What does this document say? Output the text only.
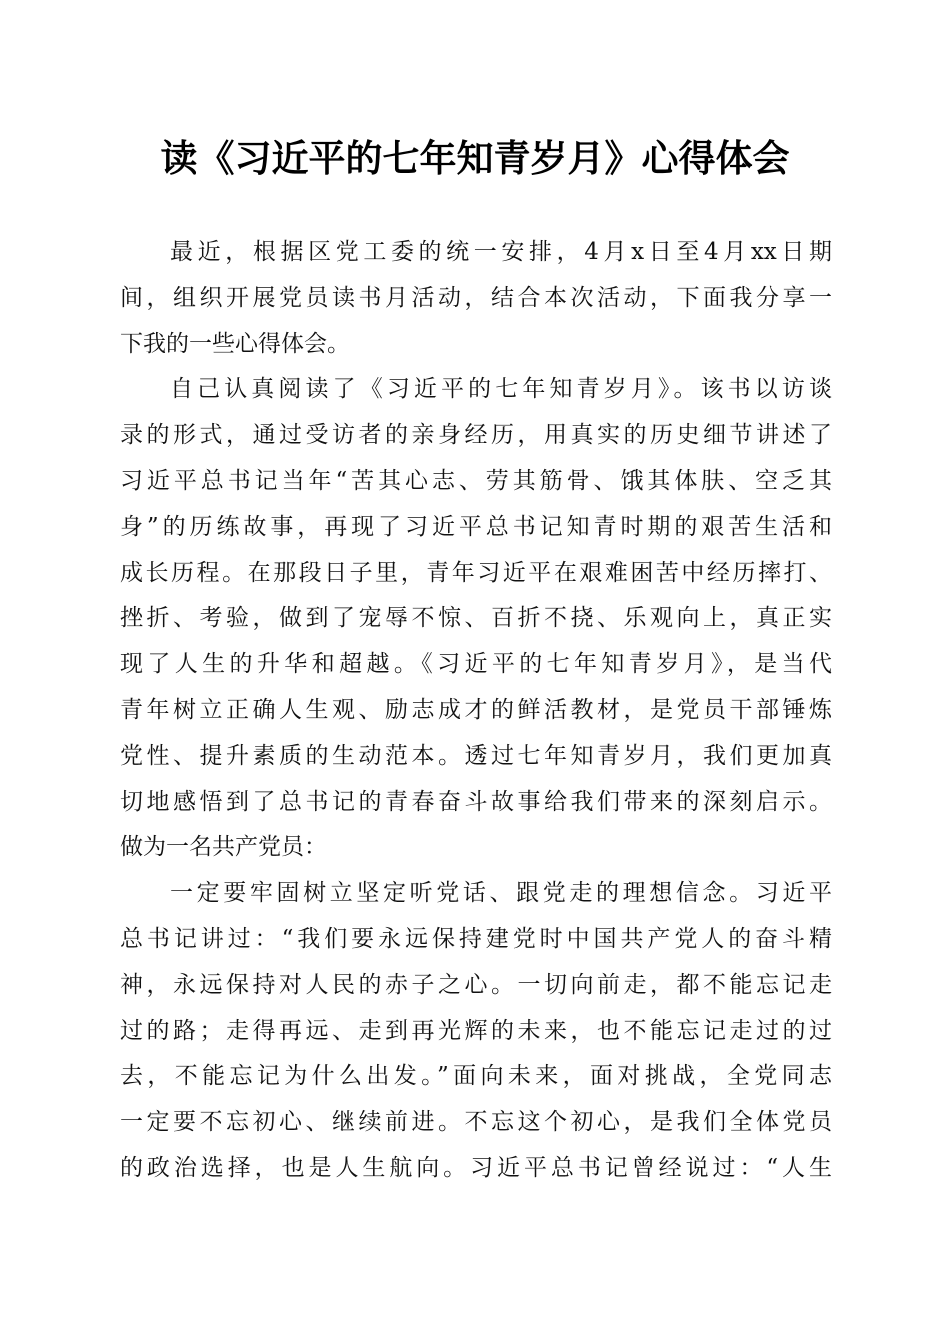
读《习近平的七年知青岁月》心得体会
最近，根据区党工委的统一安排，4月x日至4月xx日期
间，组织开展党员读书月活动，结合本次活动，下面我分享一
下我的一些心得体会。
自己认真阅读了《习近平的七年知青岁月》。该书以访谈
录的形式，通过受访者的亲身经历，用真实的历史细节讲述了
习近平总书记当年“苦其心志、劳其筋骨、饿其体肤、空乏其
身”的历练故事，再现了习近平总书记知青时期的艰苦生活和
成长历程。在那段日子里，青年习近平在艰难困苦中经历摔打、
挫折、考验，做到了宠辱不惊、百折不挠、乐观向上，真正实
现了人生的升华和超越。《习近平的七年知青岁月》，是当代
青年树立正确人生观、励志成才的鲜活教材，是党员干部锤炼
党性、提升素质的生动范本。透过七年知青岁月，我们更加真
切地感悟到了总书记的青春奋斗故事给我们带来的深刻启示。
做为一名共产党员：
一定要牢固树立坚定听党话、跟党走的理想信念。习近平
总书记讲过：“我们要永远保持建党时中国共产党人的奋斗精
神，永远保持对人民的赤子之心。一切向前走，都不能忘记走
过的路；走得再远、走到再光辉的未来，也不能忘记走过的过
去，不能忘记为什么出发。”面向未来，面对挑战，全党同志
一定要不忘初心、继续前进。不忘这个初心，是我们全体党员
的政治选择，也是人生航向。习近平总书记曾经说过：“人生
